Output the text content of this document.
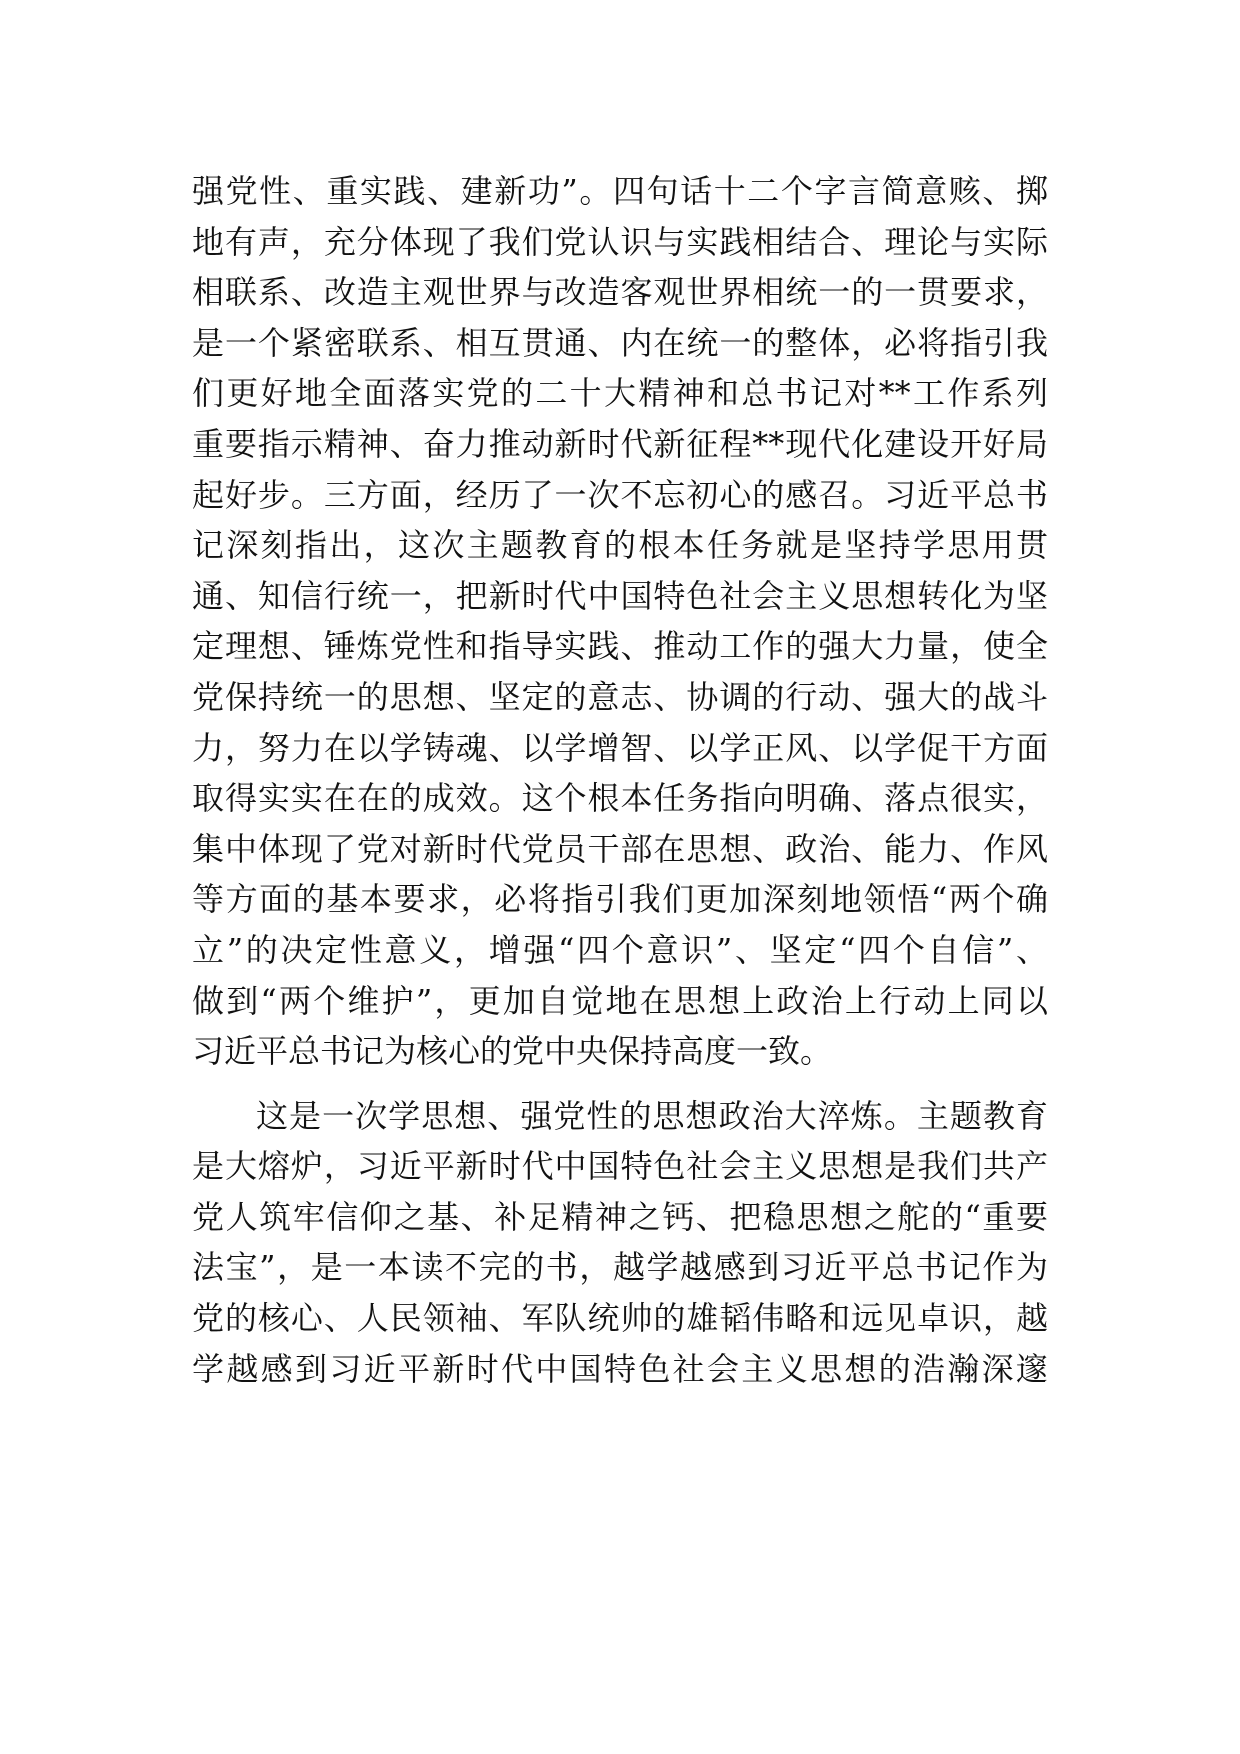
强党性、重实践、建新功”。四句话十二个字言简意赅、掷
地有声，充分体现了我们党认识与实践相结合、理论与实际
相联系、改造主观世界与改造客观世界相统一的一贯要求，
是一个紧密联系、相互贯通、内在统一的整体，必将指引我
们更好地全面落实党的二十大精神和总书记对**工作系列
重要指示精神、奋力推动新时代新征程**现代化建设开好局
起好步。三方面，经历了一次不忘初心的感召。习近平总书
记深刻指出，这次主题教育的根本任务就是坚持学思用贯
通、知信行统一，把新时代中国特色社会主义思想转化为坚
定理想、锤炼党性和指导实践、推动工作的强大力量，使全
党保持统一的思想、坚定的意志、协调的行动、强大的战斗
力，努力在以学铸魂、以学增智、以学正风、以学促干方面
取得实实在在的成效。这个根本任务指向明确、落点很实，
集中体现了党对新时代党员干部在思想、政治、能力、作风
等方面的基本要求，必将指引我们更加深刻地领悟“两个确
立”的决定性意义，增强“四个意识”、坚定“四个自信”、
做到“两个维护”，更加自觉地在思想上政治上行动上同以
习近平总书记为核心的党中央保持高度一致。
这是一次学思想、强党性的思想政治大淬炼。主题教育
是大熔炉，习近平新时代中国特色社会主义思想是我们共产
党人筑牢信仰之基、补足精神之钙、把稳思想之舵的“重要
法宝”，是一本读不完的书，越学越感到习近平总书记作为
党的核心、人民领袖、军队统帅的雄韬伟略和远见卓识，越
学越感到习近平新时代中国特色社会主义思想的浩瀚深邃
